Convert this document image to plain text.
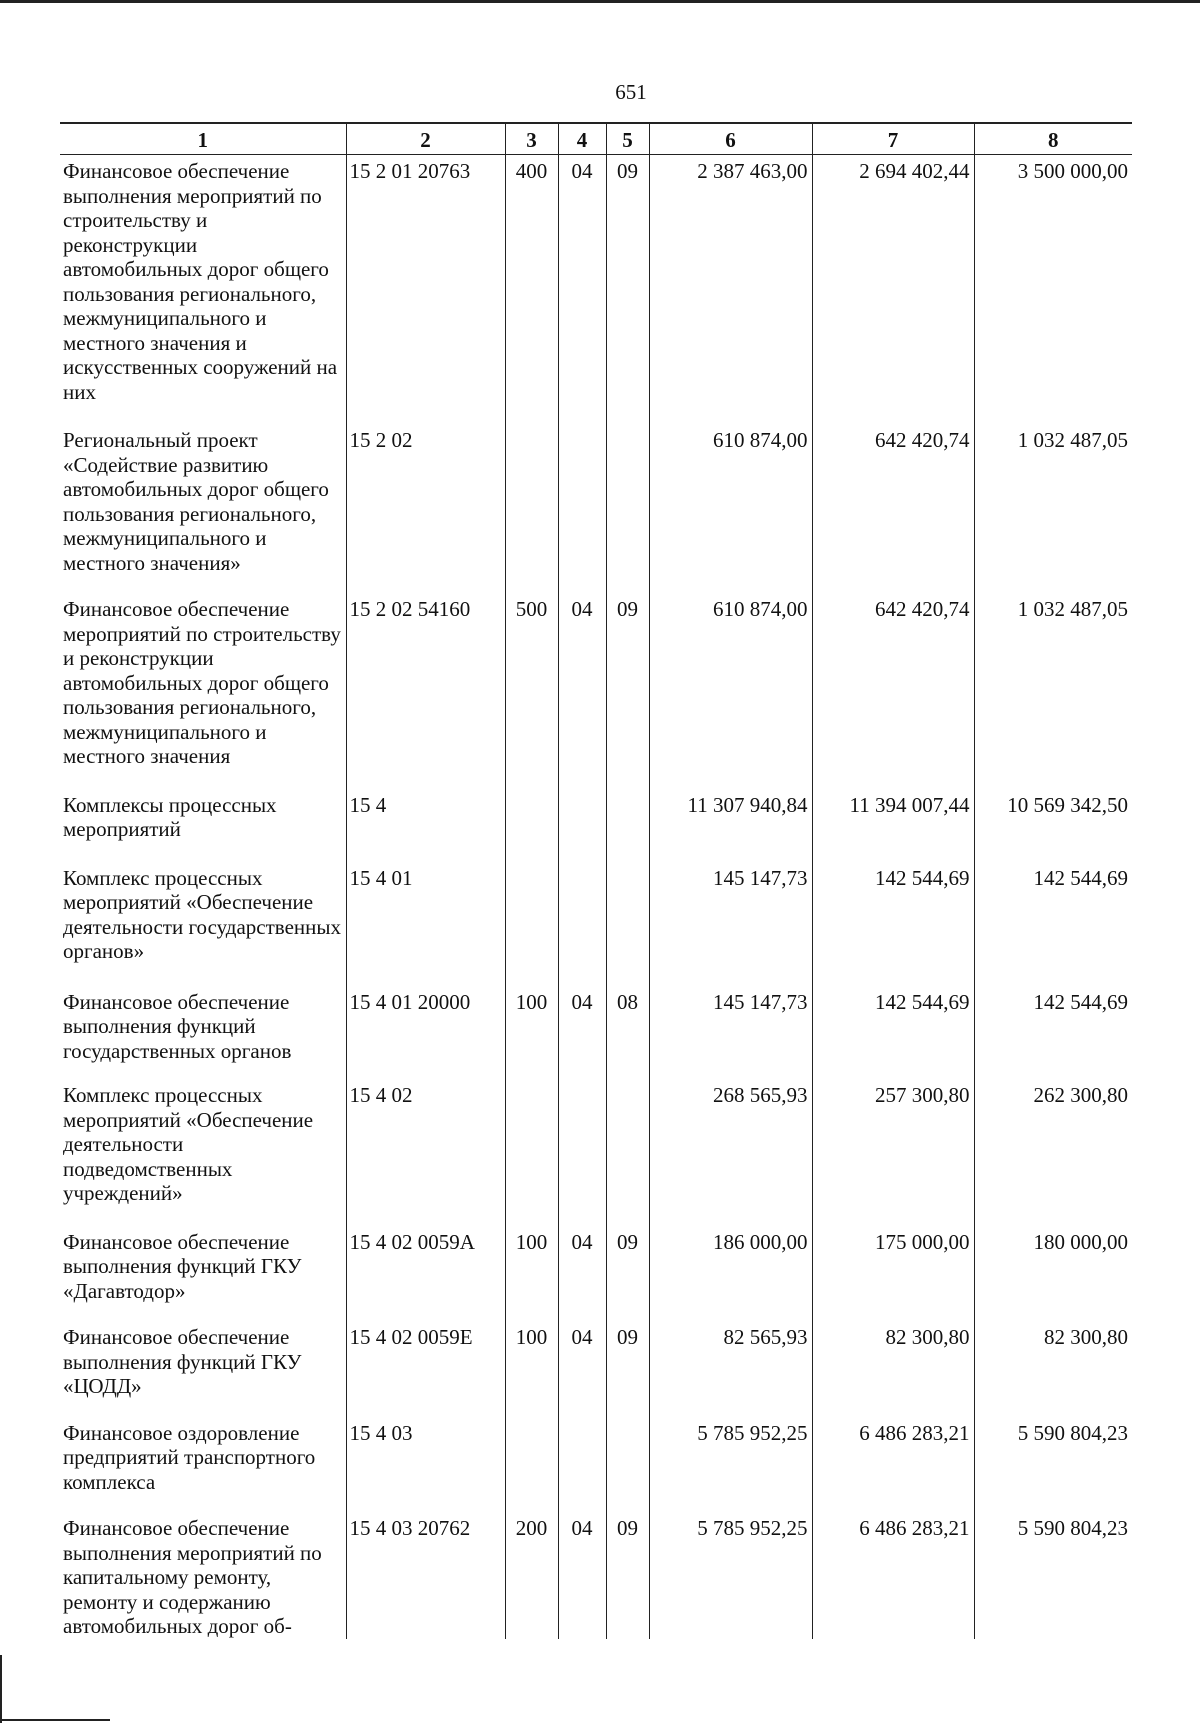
651
1	2	3	4	5	6	7	8
Финансовое обеспечение выполнения мероприятий по строительству и реконструкции автомобильных дорог общего пользования регионального, межмуниципального и местного значения и искусственных сооружений на них	15 2 01 20763	400	04	09	2 387 463,00	2 694 402,44	3 500 000,00

Региональный проект «Содействие развитию автомобильных дорог общего пользования регионального, межмуниципального и местного значения»	15 2 02				610 874,00	642 420,74	1 032 487,05

Финансовое обеспечение мероприятий по строительству и реконструкции автомобильных дорог общего пользования регионального, межмуниципального и местного значения	15 2 02 54160	500	04	09	610 874,00	642 420,74	1 032 487,05

Комплексы процессных мероприятий	15 4				11 307 940,84	11 394 007,44	10 569 342,50

Комплекс процессных мероприятий «Обеспечение деятельности государственных органов»	15 4 01				145 147,73	142 544,69	142 544,69

Финансовое обеспечение выполнения функций государственных органов	15 4 01 20000	100	04	08	145 147,73	142 544,69	142 544,69

Комплекс процессных мероприятий «Обеспечение деятельности подведомственных учреждений»	15 4 02				268 565,93	257 300,80	262 300,80

Финансовое обеспечение выполнения функций ГКУ «Дагавтодор»	15 4 02 0059А	100	04	09	186 000,00	175 000,00	180 000,00

Финансовое обеспечение выполнения функций ГКУ «ЦОДД»	15 4 02 0059Е	100	04	09	82 565,93	82 300,80	82 300,80

Финансовое оздоровление предприятий транспортного комплекса	15 4 03				5 785 952,25	6 486 283,21	5 590 804,23

Финансовое обеспечение выполнения мероприятий по капитальному ремонту, ремонту и содержанию автомобильных дорог об-	15 4 03 20762	200	04	09	5 785 952,25	6 486 283,21	5 590 804,23
